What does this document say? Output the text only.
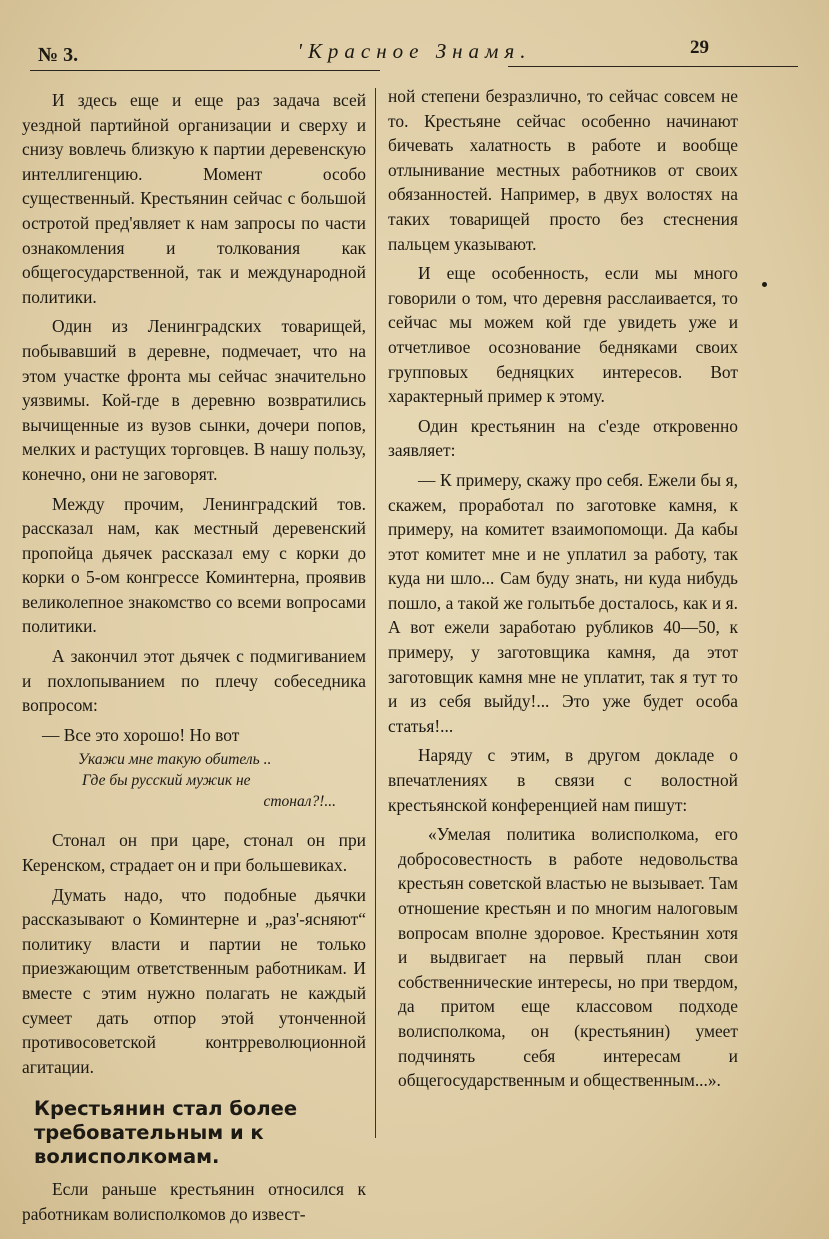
№ 3.	'Красное Знамя.	29

И здесь еще и еще раз задача всей уездной партийной организации и сверху и снизу вовлечь близкую к партии деревенскую интеллигенцию. Момент особо существенный. Крестьянин сейчас с большой остротой пред'являет к нам запросы по части ознакомления и толкования как общегосударственной, так и международной политики.

Один из Ленинградских товарищей, побывавший в деревне, подмечает, что на этом участке фронта мы сейчас значительно уязвимы. Кой-где в деревню возвратились вычищенные из вузов сынки, дочери попов, мелких и растущих торговцев. В нашу пользу, конечно, они не заговорят.

Между прочим, Ленинградский тов. рассказал нам, как местный деревенский пропойца дьячек рассказал ему с корки до корки о 5-ом конгрессе Коминтерна, проявив великолепное знакомство со всеми вопросами политики.

А закончил этот дьячек с подмигиванием и похлопыванием по плечу собеседника вопросом:

— Все это хорошо! Но вот

Укажи мне такую обитель ..
Где бы русский мужик не
стонал?!...

Стонал он при царе, стонал он при Керенском, страдает он и при большевиках.

Думать надо, что подобные дьячки рассказывают о Коминтерне и „раз'-ясняют“ политику власти и партии не только приезжающим ответственным работникам. И вместе с этим нужно полагать не каждый сумеет дать отпор этой утонченной противосоветской контрреволюционной агитации.

Крестьянин стал более требовательным и к волисполкомам.

Если раньше крестьянин относился к работникам волисполкомов до извест-

ной степени безразлично, то сейчас совсем не то. Крестьяне сейчас особенно начинают бичевать халатность в работе и вообще отлынивание местных работников от своих обязанностей. Например, в двух волостях на таких товарищей просто без стеснения пальцем указывают.

И еще особенность, если мы много говорили о том, что деревня расслаивается, то сейчас мы можем кой где увидеть уже и отчетливое осознование бедняками своих групповых бедняцких интересов. Вот характерный пример к этому.

Один крестьянин на с'езде откровенно заявляет:

— К примеру, скажу про себя. Ежели бы я, скажем, проработал по заготовке камня, к примеру, на комитет взаимопомощи. Да кабы этот комитет мне и не уплатил за работу, так куда ни шло... Сам буду знать, ни куда нибудь пошло, а такой же голытьбе досталось, как и я. А вот ежели заработаю рубликов 40—50, к примеру, у заготовщика камня, да этот заготовщик камня мне не уплатит, так я тут то и из себя выйду!... Это уже будет особа статья!...

Наряду с этим, в другом докладе о впечатлениях в связи с волостной крестьянской конференцией нам пишут:

«Умелая политика волисполкома, его добросовестность в работе недовольства крестьян советской властью не вызывает. Там отношение крестьян и по многим налоговым вопросам вполне здоровое. Крестьянин хотя и выдвигает на первый план свои собственнические интересы, но при твердом, да притом еще классовом подходе волисполкома, он (крестьянин) умеет подчинять себя интересам и общегосударственным и общественным...».
